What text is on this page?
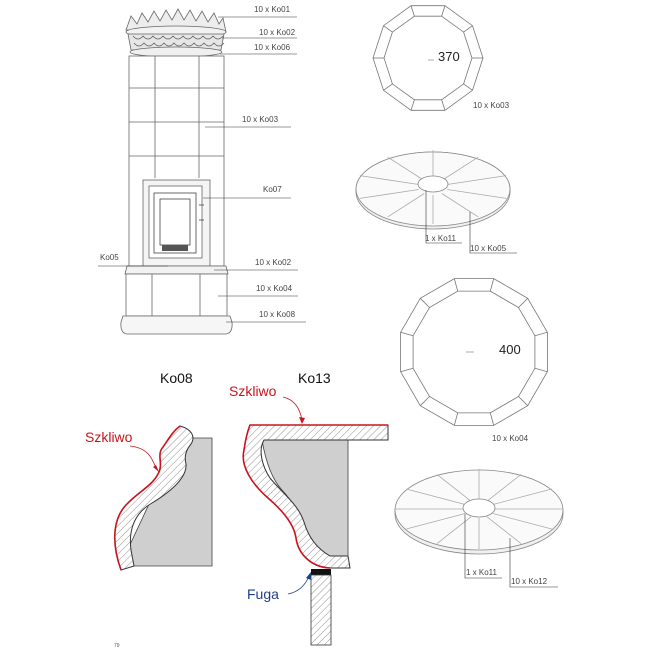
10 x Ko01
10 x Ko02
10 x Ko06
10 x Ko03
Ko07
10 x Ko02
10 x Ko04
10 x Ko08
Ko05
370
10 x Ko03
1 x Ko11
10 x Ko05
400
10 x Ko04
1 x Ko11
10 x Ko12
Ko08
Szkliwo
Ko13
Szkliwo
Fuga
79
